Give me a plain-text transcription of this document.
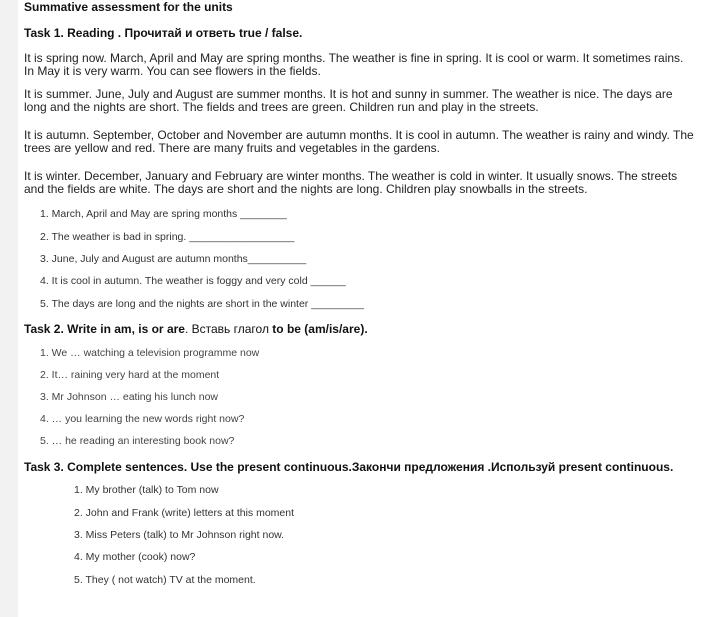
Summative assessment for the units
Task 1. Reading . Прочитай и ответь true / false.
It is spring now. March, April and May are spring months. The weather is fine in spring. It is cool or warm. It sometimes rains. In May it is very warm. You can see flowers in the fields.
It is summer. June, July and August are summer months. It is hot and sunny in summer. The weather is nice. The days are long and the nights are short. The fields and trees are green. Children run and play in the streets.
It is autumn. September, October and November are autumn months. It is cool in autumn. The weather is rainy and windy. The trees are yellow and red. There are many fruits and vegetables in the gardens.
It is winter. December, January and February are winter months. The weather is cold in winter. It usually snows. The streets and the fields are white. The days are short and the nights are long. Children play snowballs in the streets.
1. March, April and May are spring months ________
2. The weather is bad in spring. __________________
3. June, July and August are autumn months__________
4. It is cool in autumn. The weather is foggy and very cold ______
5. The days are long and the nights are short in the winter _________
Task 2. Write in am, is or are. Вставь глагол to be (am/is/are).
1. We … watching a television programme now
2. It… raining very hard at the moment
3. Mr Johnson … eating his lunch now
4. … you learning the new words right now?
5. … he reading an interesting book now?
Task 3. Complete sentences. Use the present continuous.Закончи предложения .Используй present continuous.
1. My brother (talk) to Tom now
2. John and Frank (write) letters at this moment
3. Miss Peters (talk) to Mr Johnson right now.
4. My mother (cook) now?
5. They ( not watch) TV at the moment.
